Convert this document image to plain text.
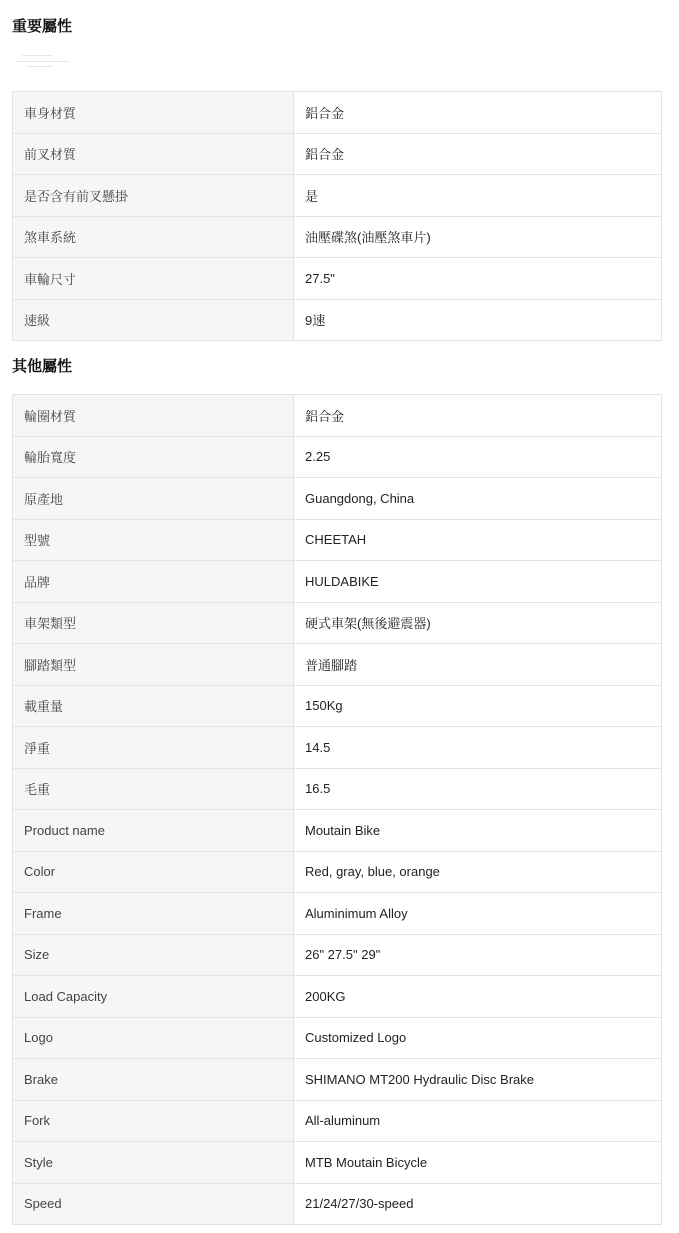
重要屬性
車身材質	鋁合金
前叉材質	鋁合金
是否含有前叉懸掛	是
煞車系統	油壓碟煞(油壓煞車片)
車輪尺寸	27.5"
速級	9速
其他屬性
輪圈材質	鋁合金
輪胎寬度	2.25
原產地	Guangdong, China
型號	CHEETAH
品牌	HULDABIKE
車架類型	硬式車架(無後避震器)
腳踏類型	普通腳踏
載重量	150Kg
淨重	14.5
毛重	16.5
Product name	Moutain Bike
Color	Red, gray, blue, orange
Frame	Aluminimum Alloy
Size	26" 27.5" 29"
Load Capacity	200KG
Logo	Customized Logo
Brake	SHIMANO MT200 Hydraulic Disc Brake
Fork	All-aluminum
Style	MTB Moutain Bicycle
Speed	21/24/27/30-speed
